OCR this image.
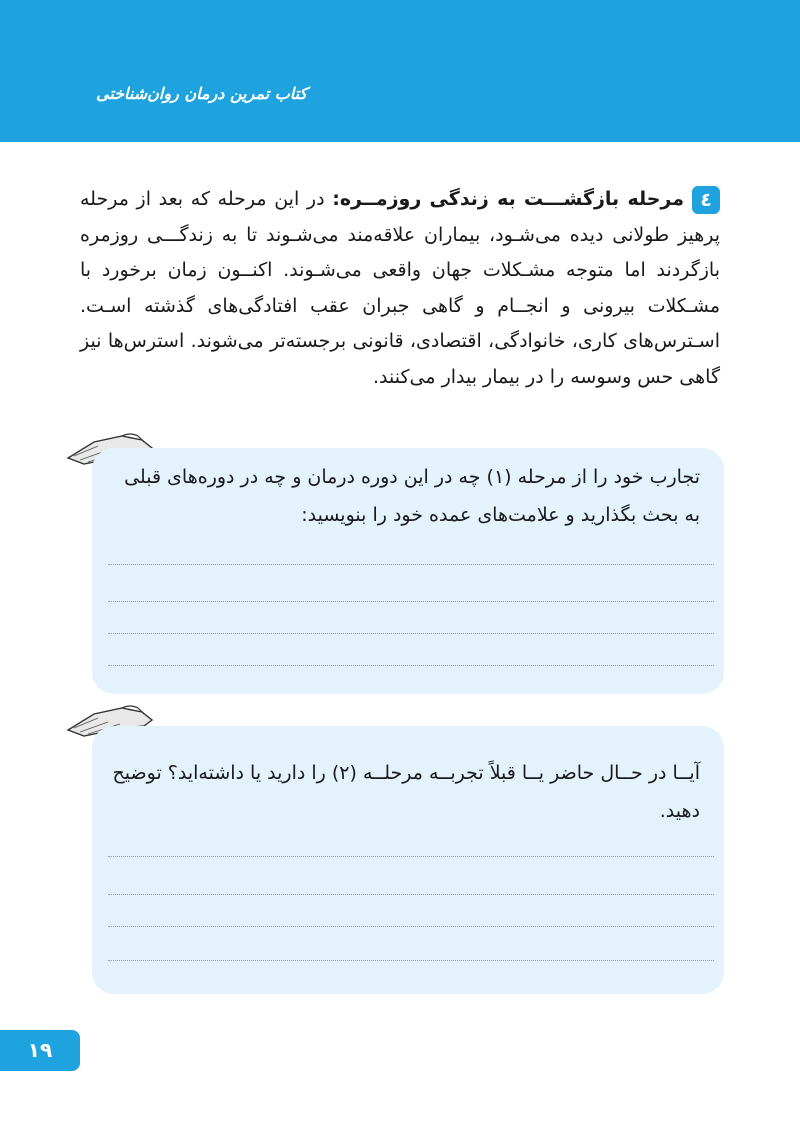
کتاب تمرین درمان روان‌شناختی
٤مرحله بازگشـــت به زندگی روزمــره: در این مرحله که بعد از مرحله پرهیز طولانی دیده می‌شـود، بیماران علاقه‌مند می‌شـوند تا به زندگـــی روزمره بازگردند اما متوجه مشـکلات جهان واقعی می‌شـوند. اکنــون زمان برخورد با مشـکلات بیرونی و انجــام و گاهی جبران عقب افتادگی‌های گذشته اسـت. اسـترس‌های کاری، خانوادگی، اقتصادی، قانونی برجسته‌تر می‌شوند. استرس‌ها نیز گاهی حس وسوسه را در بیمار بیدار می‌کنند.
تجارب خود را از مرحله (۱) چه در این دوره درمان و چه در دوره‌های قبلی به بحث بگذارید و علامت‌های عمده خود را بنویسید:
آیــا در حــال حاضر یــا قبلاً تجربــه مرحلــه (۲) را دارید یا داشته‌اید؟ توضیح دهید.
۱۹
